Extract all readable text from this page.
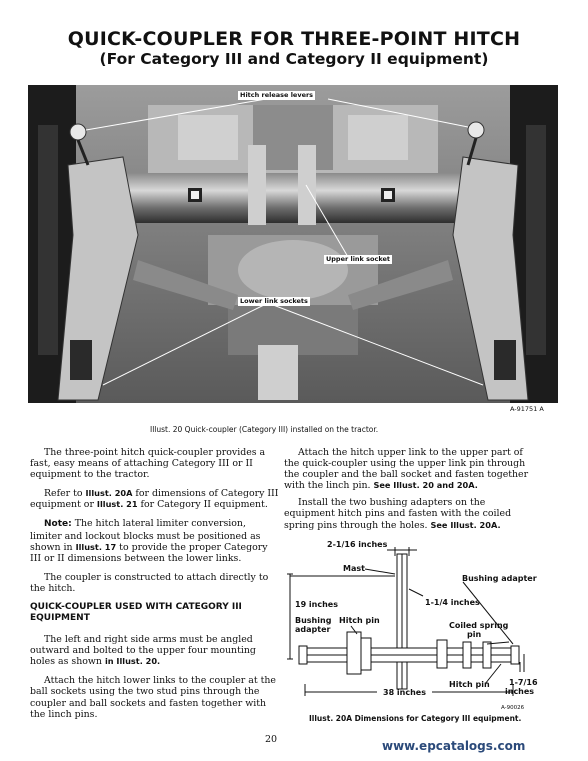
QUICK-COUPLER FOR THREE-POINT HITCH
(For Category III and Category II equipment)
Hitch release levers
Upper link socket
Lower link sockets
A-91751 A
Illust. 20 Quick-coupler (Category III) installed on the tractor.

The three-point hitch quick-coupler provides a fast, easy means of attaching Category III or II equipment to the tractor.

Refer to Illust. 20A for dimensions of Category III equipment or Illust. 21 for Category II equipment.

Note: The hitch lateral limiter conversion, limiter and lockout blocks must be positioned as shown in Illust. 17 to provide the proper Category III or II dimensions between the lower links.

The coupler is constructed to attach directly to the hitch.

QUICK-COUPLER USED WITH CATEGORY III EQUIPMENT

The left and right side arms must be angled outward and bolted to the upper four mounting holes as shown in Illust. 20.

Attach the hitch lower links to the coupler at the ball sockets using the two stud pins through the coupler and ball sockets and fasten together with the linch pins.

Attach the hitch upper link to the upper part of the quick-coupler using the upper link pin through the coupler and the ball socket and fasten together with the linch pin. See Illust. 20 and 20A.

Install the two bushing adapters on the equipment hitch pins and fasten with the coiled spring pins through the holes. See Illust. 20A.

2-1/16 inches
Mast
Bushing adapter
19 inches	1-1/4 inches
Bushing
adapter
Hitch pin
Coiled spring
pin
Hitch pin 1-7/16
inches
38 inches
A-90026
Illust. 20A Dimensions for Category III equipment.
20	www.epcatalogs.com
